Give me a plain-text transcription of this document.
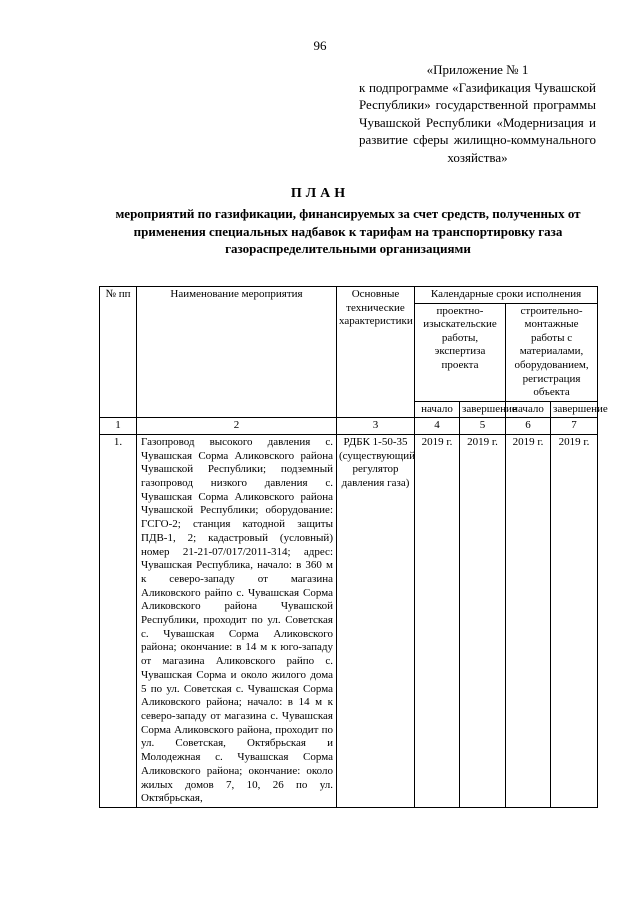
96
«Приложение № 1
к подпрограмме «Газификация Чувашской Республики» государственной программы Чувашской Республики «Модернизация и развитие сферы жилищно-коммунального хозяйства»
ПЛАН
мероприятий по газификации, финансируемых за счет средств, полученных от применения специальных надбавок к тарифам на транспортировку газа газораспределительными организациями
№ пп	Наименование мероприятия	Основные технические характеристики	Календарные сроки исполнения			
			проектно-изыскательские работы, экспертиза проекта		строительно-монтажные работы с материалами, оборудованием, регистрация объекта	
			начало	завершение	начало	завершение
1	2	3	4	5	6	7
1.	Газопровод высокого давления с. Чувашская Сорма Аликовского района Чувашской Республики; подземный газопровод низкого давления с. Чувашская Сорма Аликовского района Чувашской Республики; оборудование: ГСГО-2; станция катодной защиты ПДВ-1, 2; кадастровый (условный) номер 21-21-07/017/2011-314; адрес: Чувашская Республика, начало: в 360 м к северо-западу от магазина Аликовского райпо с. Чувашская Сорма Аликовского района Чувашской Республики, проходит по ул. Советская с. Чувашская Сорма Аликовского района; окончание: в 14 м к юго-западу от магазина Аликовского райпо с. Чувашская Сорма и около жилого дома 5 по ул. Советская с. Чувашская Сорма Аликовского района; начало: в 14 м к северо-западу от магазина с. Чувашская Сорма Аликовского района, проходит по ул. Советская, Октябрьская и Молодежная с. Чувашская Сорма Аликовского района; окончание: около жилых домов 7, 10, 26 по ул. Октябрьская,	РДБК 1-50-35 (существующий регулятор давления газа)	2019 г.	2019 г.	2019 г.	2019 г.
